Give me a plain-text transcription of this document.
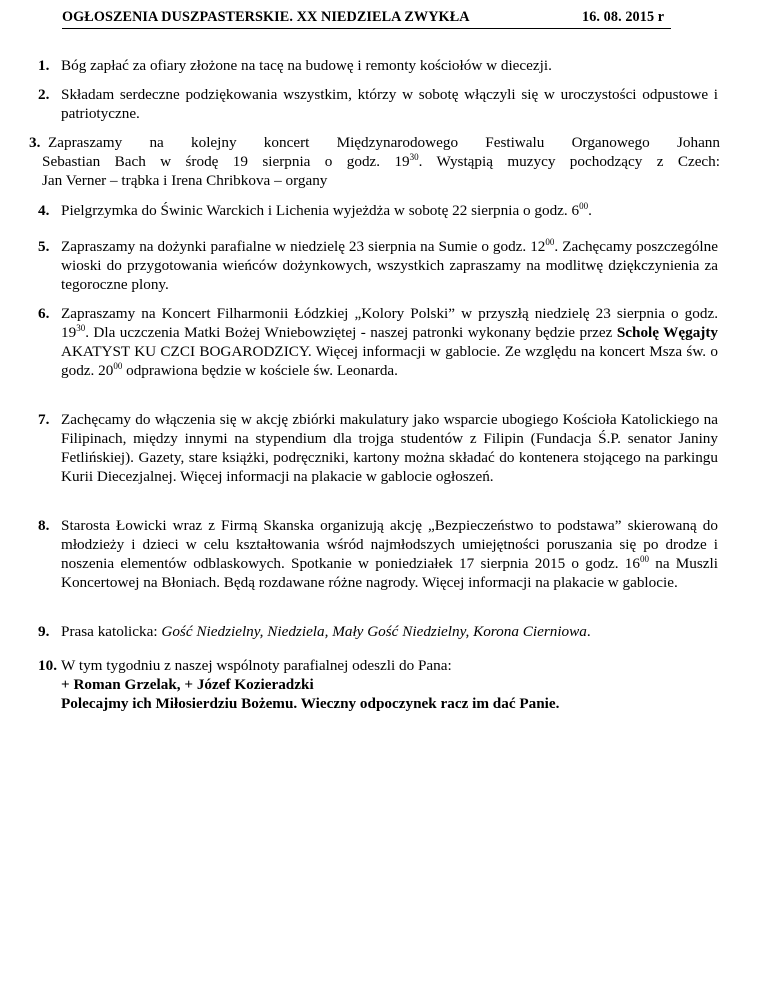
OGŁOSZENIA DUSZPASTERSKIE. XX NIEDZIELA ZWYKŁA	16. 08. 2015 r
1. Bóg zapłać za ofiary złożone na tacę na budowę i remonty kościołów w diecezji.

2. Składam serdeczne podziękowania wszystkim, którzy w sobotę włączyli się w uroczystości odpustowe i patriotyczne.

3. Zapraszamy na kolejny koncert Międzynarodowego Festiwalu Organowego Johann

Sebastian Bach w środę 19 sierpnia o godz. $19^{30}$. Wystąpią muzycy pochodzący z Czech:

Jan Verner – trąbka i Irena Chribkova – organy

4. Pielgrzymka do Świnic Warckich i Lichenia wyjeżdża w sobotę 22 sierpnia o godz. $6^{00}$.

5. Zapraszamy na dożynki parafialne w niedzielę 23 sierpnia na Sumie o godz. $12^{00}$. Zachęcamy poszczególne wioski do przygotowania wieńców dożynkowych, wszystkich zapraszamy na modlitwę dziękczynienia za tegoroczne plony.

6. Zapraszamy na Koncert Filharmonii Łódzkiej „Kolory Polski” w przyszłą niedzielę 23 sierpnia o godz. $19^{30}$. Dla uczczenia Matki Bożej Wniebowziętej - naszej patronki wykonany będzie przez Scholę Węgajty AKATYST KU CZCI BOGARODZICY. Więcej informacji w gablocie. Ze względu na koncert Msza św. o godz. $20^{00}$ odprawiona będzie w kościele św. Leonarda.

7. Zachęcamy do włączenia się w akcję zbiórki makulatury jako wsparcie ubogiego Kościoła Katolickiego na Filipinach, między innymi na stypendium dla trojga studentów z Filipin (Fundacja Ś.P. senator Janiny Fetlińskiej). Gazety, stare książki, podręczniki, kartony można składać do kontenera stojącego na parkingu Kurii Diecezjalnej. Więcej informacji na plakacie w gablocie ogłoszeń.

8. Starosta Łowicki wraz z Firmą Skanska organizują akcję „Bezpieczeństwo to podstawa” skierowaną do młodzieży i dzieci w celu kształtowania wśród najmłodszych umiejętności poruszania się po drodze i noszenia elementów odblaskowych. Spotkanie w poniedziałek 17 sierpnia 2015 o godz. $16^{00}$ na Muszli Koncertowej na Błoniach. Będą rozdawane różne nagrody. Więcej informacji na plakacie w gablocie.

9. Prasa katolicka: Gość Niedzielny, Niedziela, Mały Gość Niedzielny, Korona Cierniowa.

10. W tym tygodniu z naszej wspólnoty parafialnej odeszli do Pana:

+ Roman Grzelak, + Józef Kozieradzki

Polecajmy ich Miłosierdziu Bożemu. Wieczny odpoczynek racz im dać Panie.
